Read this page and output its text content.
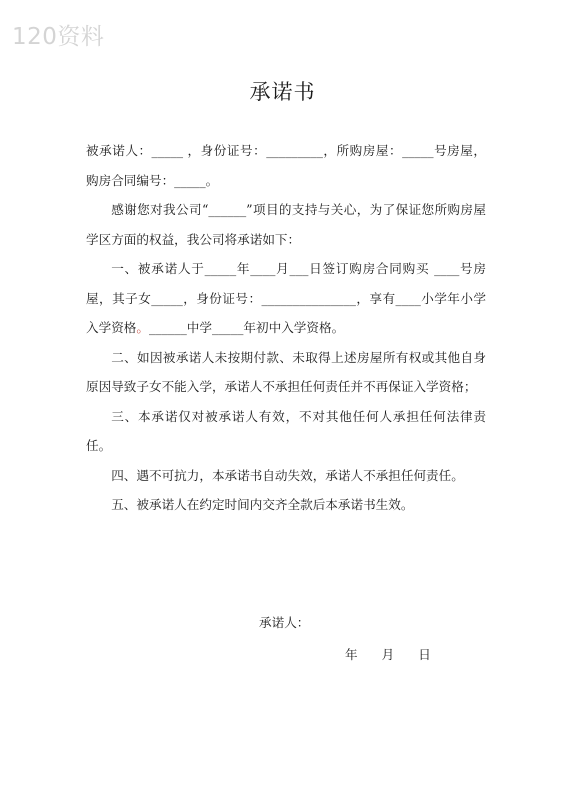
120资料
承诺书

被承诺人：_____ ，身份证号：_________，所购房屋：_____号房屋，购房合同编号：_____。

感谢您对我公司“______”项目的支持与关心，为了保证您所购房屋学区方面的权益，我公司将承诺如下：

一、被承诺人于_____年____月___日签订购房合同购买 ____号房屋，其子女_____，身份证号：_______________，享有____小学年小学入学资格。______中学_____年初中入学资格。

二、如因被承诺人未按期付款、未取得上述房屋所有权或其他自身原因导致子女不能入学，承诺人不承担任何责任并不再保证入学资格；

三、本承诺仅对被承诺人有效，不对其他任何人承担任何法律责任。

四、遇不可抗力，本承诺书自动失效，承诺人不承担任何责任。

五、被承诺人在约定时间内交齐全款后本承诺书生效。

承诺人：
年      月      日
